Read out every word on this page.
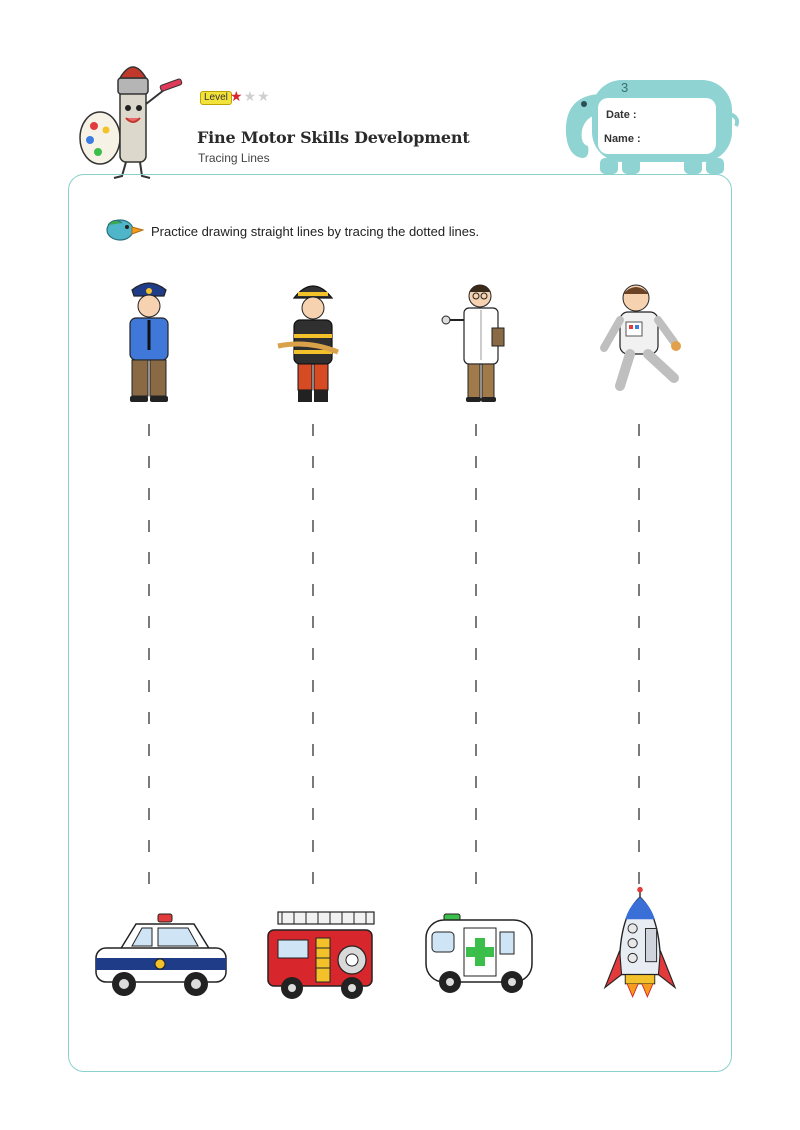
Level ★★★
Fine Motor Skills Development
Tracing Lines
3
Date :
Name :
Practice drawing straight lines by tracing the dotted lines.
